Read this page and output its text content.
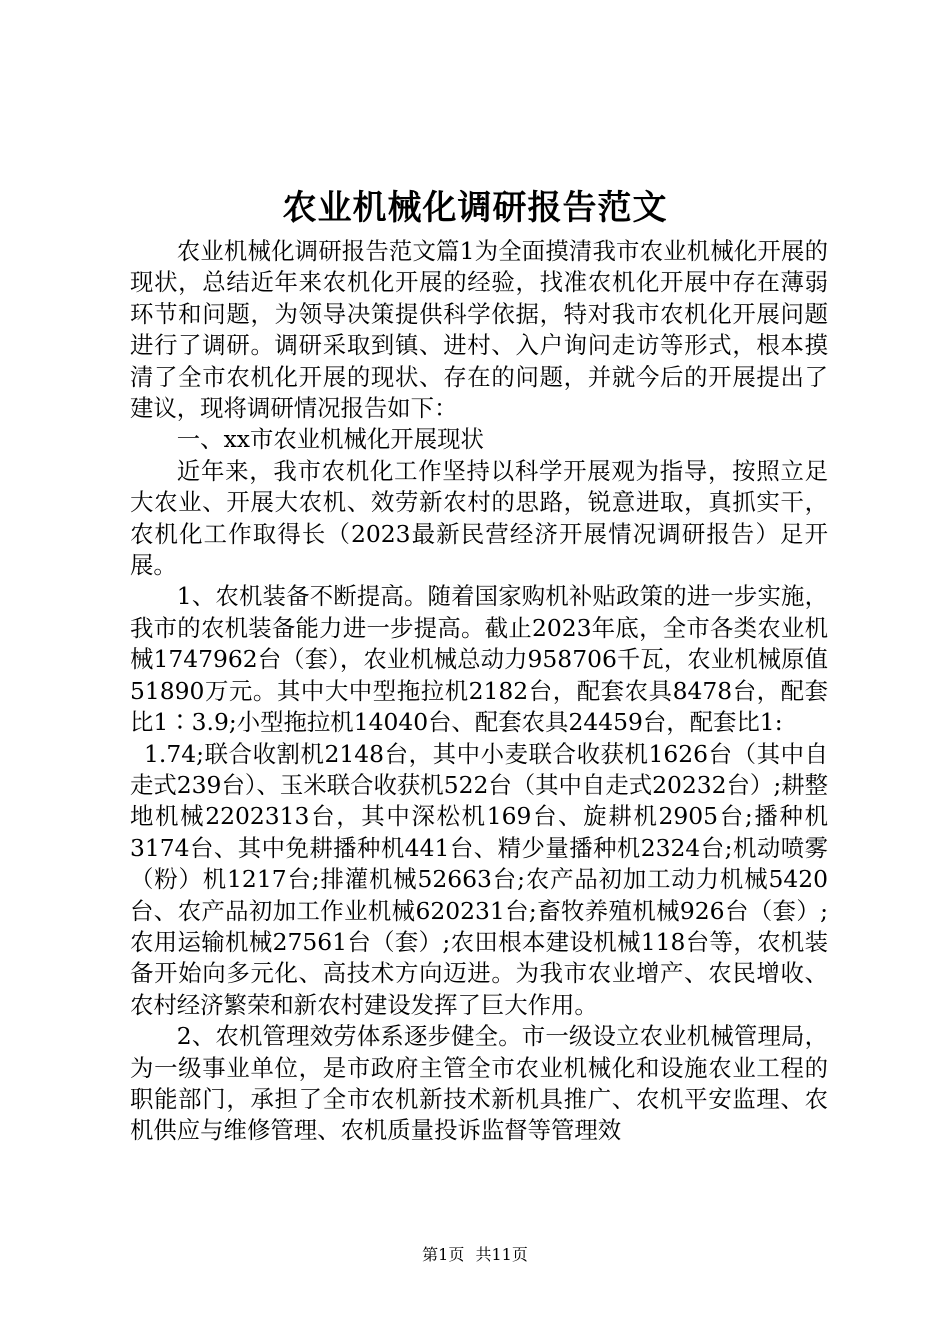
农业机械化调研报告范文

农业机械化调研报告范文篇1为全面摸清我市农业机械化开展的现状，总结近年来农机化开展的经验，找准农机化开展中存在薄弱环节和问题，为领导决策提供科学依据，特对我市农机化开展问题进行了调研。调研采取到镇、进村、入户询问走访等形式，根本摸清了全市农机化开展的现状、存在的问题，并就今后的开展提出了建议，现将调研情况报告如下：

一、xx市农业机械化开展现状

近年来，我市农机化工作坚持以科学开展观为指导，按照立足大农业、开展大农机、效劳新农村的思路，锐意进取，真抓实干，农机化工作取得长（2023最新民营经济开展情况调研报告）足开展。

1、农机装备不断提高。随着国家购机补贴政策的进一步实施，我市的农机装备能力进一步提高。截止2023年底，全市各类农业机械1747962台（套），农业机械总动力958706千瓦，农业机械原值51890万元。其中大中型拖拉机2182台，配套农具8478台，配套比1∶3.9;小型拖拉机14040台、配套农具24459台，配套比1:

1.74;联合收割机2148台，其中小麦联合收获机1626台（其中自走式239台）、玉米联合收获机522台（其中自走式20232台）;耕整地机械2202313台，其中深松机169台、旋耕机2905台;播种机3174台、其中免耕播种机441台、精少量播种机2324台;机动喷雾（粉）机1217台;排灌机械52663台;农产品初加工动力机械5420台、农产品初加工作业机械620231台;畜牧养殖机械926台（套）;农用运输机械27561台（套）;农田根本建设机械118台等，农机装备开始向多元化、高技术方向迈进。为我市农业增产、农民增收、农村经济繁荣和新农村建设发挥了巨大作用。

2、农机管理效劳体系逐步健全。市一级设立农业机械管理局，为一级事业单位，是市政府主管全市农业机械化和设施农业工程的职能部门，承担了全市农机新技术新机具推广、农机平安监理、农机供应与维修管理、农机质量投诉监督等管理效

第1页 共11页
